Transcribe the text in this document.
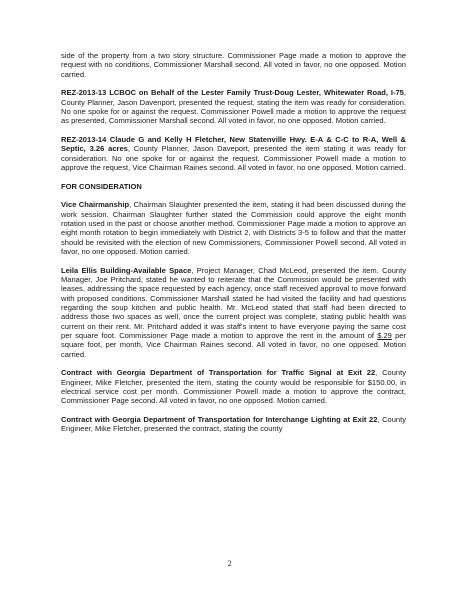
side of the property from a two story structure. Commissioner Page made a motion to approve the request with no conditions, Commissioner Marshall second. All voted in favor, no one opposed. Motion carried.

REZ-2013-13 LCBOC on Behalf of the Lester Family Trust-Doug Lester, Whitewater Road, I-75, County Planner, Jason Davenport, presented the request, stating the item was ready for consideration. No one spoke for or against the request. Commissioner Powell made a motion to approve the request as presented, Commissioner Marshall second. All voted in favor, no one opposed. Motion carried.

REZ-2013-14 Claude G and Kelly H Fletcher, New Statenville Hwy. E-A & C-C to R-A, Well & Septic, 3.26 acres, County Planner, Jason Daveport, presented the item stating it was ready for consideration. No one spoke for or against the request. Commissioner Powell made a motion to approve the request, Vice Chairman Raines second. All voted in favor, no one opposed. Motion carried.

FOR CONSIDERATION

Vice Chairmanship, Chairman Slaughter presented the item, stating it had been discussed during the work session. Chairman Slaughter further stated the Commission could approve the eight month rotation used in the past or choose another method. Commissioner Page made a motion to approve an eight month rotation to begin immediately with District 2, with Districts 3-5 to follow and that the matter should be revisited with the election of new Commissioners, Commissioner Powell second. All voted in favor, no one opposed. Motion carried.

Leila Ellis Building-Available Space, Project Manager, Chad McLeod, presented the item. County Manager, Joe Pritchard, stated he wanted to reiterate that the Commission would be presented with leases, addressing the space requested by each agency, once staff received approval to move forward with proposed conditions. Commissioner Marshall stated he had visited the facility and had questions regarding the soup kitchen and public health. Mr. McLeod stated that staff had been directed to address those two spaces as well, once the current project was complete, stating public health was current on their rent. Mr. Pritchard added it was staff's intent to have everyone paying the same cost per square foot. Commissioner Page made a motion to approve the rent in the amount of $.29 per square foot, per month, Vice Chairman Raines second. All voted in favor, no one opposed. Motion carried.

Contract with Georgia Department of Transportation for Traffic Signal at Exit 22, County Engineer, Mike Fletcher, presented the item, stating the county would be responsible for $150.00, in electrical service cost per month. Commissioner Powell made a motion to approve the contract, Commissioner Page second. All voted in favor, no one opposed. Motion carried.

Contract with Georgia Department of Transportation for Interchange Lighting at Exit 22, County Engineer, Mike Fletcher, presented the contract, stating the county

2
